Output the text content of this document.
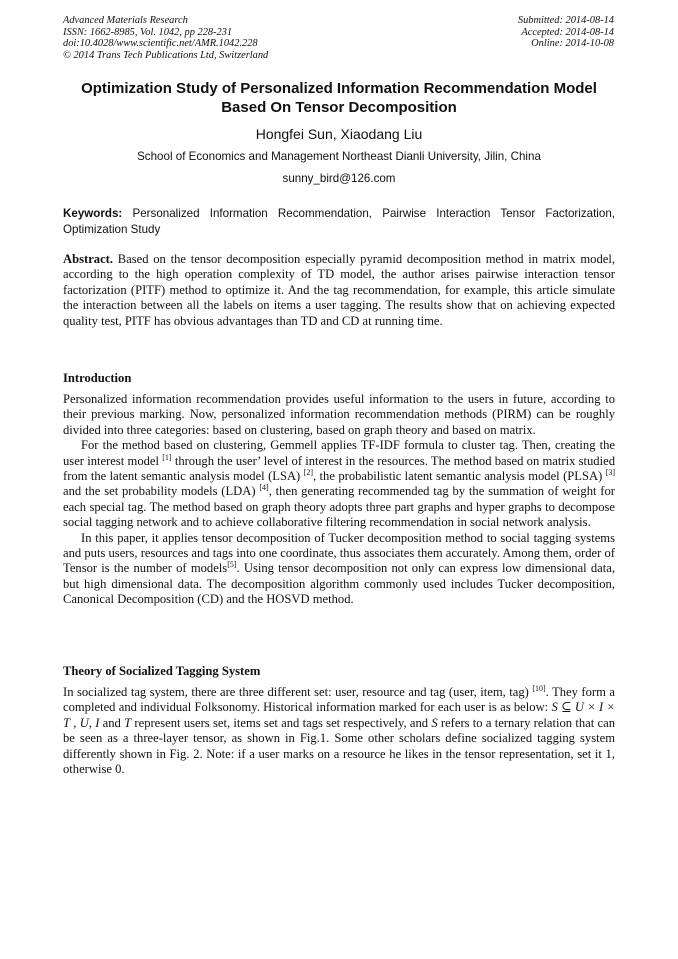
Advanced Materials Research
ISSN: 1662-8985, Vol. 1042, pp 228-231
doi:10.4028/www.scientific.net/AMR.1042.228
© 2014 Trans Tech Publications Ltd, Switzerland
Submitted: 2014-08-14
Accepted: 2014-08-14
Online: 2014-10-08
Optimization Study of Personalized Information Recommendation Model
Based On Tensor Decomposition
Hongfei Sun, Xiaodang Liu
School of Economics and Management Northeast Dianli University, Jilin, China
sunny_bird@126.com
Keywords: Personalized Information Recommendation, Pairwise Interaction Tensor Factorization, Optimization Study

Abstract. Based on the tensor decomposition especially pyramid decomposition method in matrix model, according to the high operation complexity of TD model, the author arises pairwise interaction tensor factorization (PITF) method to optimize it. And the tag recommendation, for example, this article simulate the interaction between all the labels on items a user tagging. The results show that on achieving expected quality test, PITF has obvious advantages than TD and CD at running time.

Introduction

Personalized information recommendation provides useful information to the users in future, according to their previous marking. Now, personalized information recommendation methods (PIRM) can be roughly divided into three categories: based on clustering, based on graph theory and based on matrix.

For the method based on clustering, Gemmell applies TF-IDF formula to cluster tag. Then, creating the user interest model [1] through the user’ level of interest in the resources. The method based on matrix studied from the latent semantic analysis model (LSA) [2], the probabilistic latent semantic analysis model (PLSA) [3] and the set probability models (LDA) [4], then generating recommended tag by the summation of weight for each special tag. The method based on graph theory adopts three part graphs and hyper graphs to decompose social tagging network and to achieve collaborative filtering recommendation in social network analysis.

In this paper, it applies tensor decomposition of Tucker decomposition method to social tagging systems and puts users, resources and tags into one coordinate, thus associates them accurately. Among them, order of Tensor is the number of models[5]. Using tensor decomposition not only can express low dimensional data, but high dimensional data. The decomposition algorithm commonly used includes Tucker decomposition, Canonical Decomposition (CD) and the HOSVD method.

Theory of Socialized Tagging System

In socialized tag system, there are three different set: user, resource and tag (user, item, tag) [10]. They form a completed and individual Folksonomy. Historical information marked for each user is as below: S ⊆ U × I × T , U, I and T represent users set, items set and tags set respectively, and S refers to a ternary relation that can be seen as a three-layer tensor, as shown in Fig.1. Some other scholars define socialized tagging system differently shown in Fig. 2. Note: if a user marks on a resource he likes in the tensor representation, set it 1, otherwise 0.
